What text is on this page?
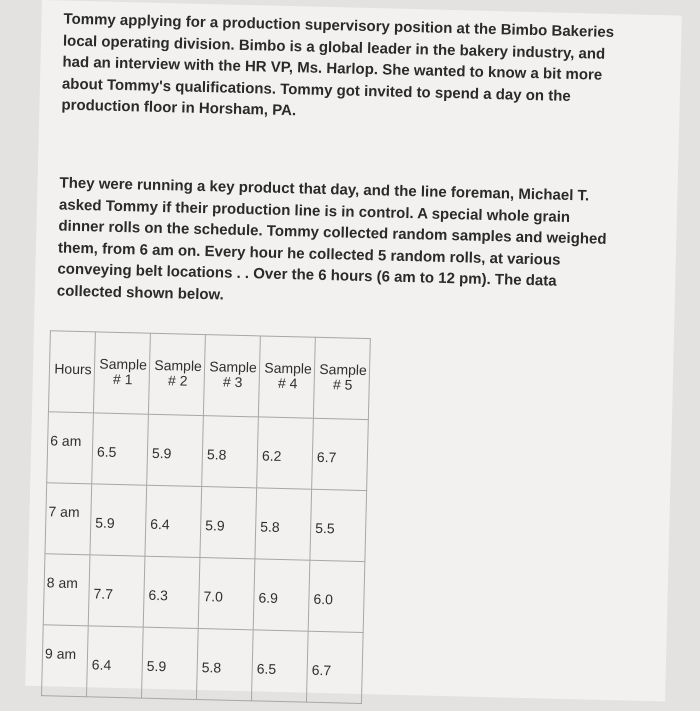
Tommy applying for a production supervisory position at the Bimbo Bakeries local operating division. Bimbo is a global leader in the bakery industry, and had an interview with the HR VP, Ms. Harlop. She wanted to know a bit more about Tommy's qualifications. Tommy got invited to spend a day on the production floor in Horsham, PA.
They were running a key product that day, and the line foreman, Michael T. asked Tommy if their production line is in control. A special whole grain dinner rolls on the schedule. Tommy collected random samples and weighed them, from 6 am on. Every hour he collected 5 random rolls, at various conveying belt locations . . Over the 6 hours (6 am to 12 pm). The data collected shown below.
Hours	Sample # 1	Sample # 2	Sample # 3	Sample # 4	Sample # 5

6 am	6.5	5.9	5.8	6.2	6.7

7 am	5.9	6.4	5.9	5.8	5.5

8 am	7.7	6.3	7.0	6.9	6.0

9 am	6.4	5.9	5.8	6.5	6.7
